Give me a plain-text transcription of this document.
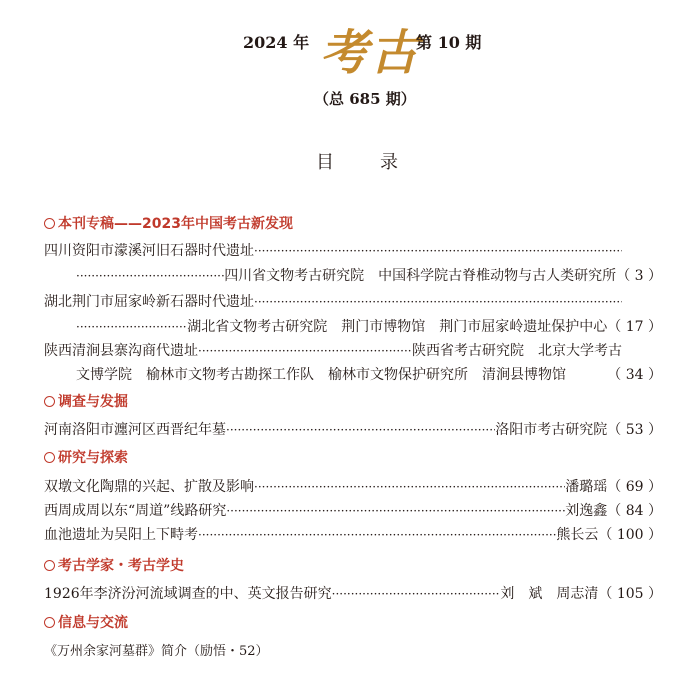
2024 年 考古
第 10 期
（总 685 期）
目录
本刊专稿——2023年中国考古新发现
四川资阳市濛溪河旧石器时代遗址
·····
·····
四川省文物考古研究院　中国科学院古脊椎动物与古人类研究所 （ 3 ）
湖北荆门市屈家岭新石器时代遗址
·····
·····
湖北省文物考古研究院　荆门市博物馆　荆门市屈家岭遗址保护中心 （ 17 ）
陕西清涧县寨沟商代遗址 ·····	陕西省考古研究院　北京大学考古
文博学院　榆林市文物考古勘探工作队　榆林市文物保护研究所　清涧县博物馆	（ 34 ）
调查与发掘
河南洛阳市瀍河区西晋纪年墓 ·····	洛阳市考古研究院 （ 53 ）
研究与探索
双墩文化陶鼎的兴起、扩散及影响 ·····	潘璐瑶 （ 69 ）
西周成周以东“周道”线路研究 ·····	刘逸鑫 （ 84 ）
血池遗址为吴阳上下畤考 ·····	熊长云 （ 100 ）
考古学家・考古学史
1926年李济汾河流域调查的中、英文报告研究 ·····	刘　斌　周志清 （ 105 ）
信息与交流
《万州余家河墓群》简介（励悟・52）
